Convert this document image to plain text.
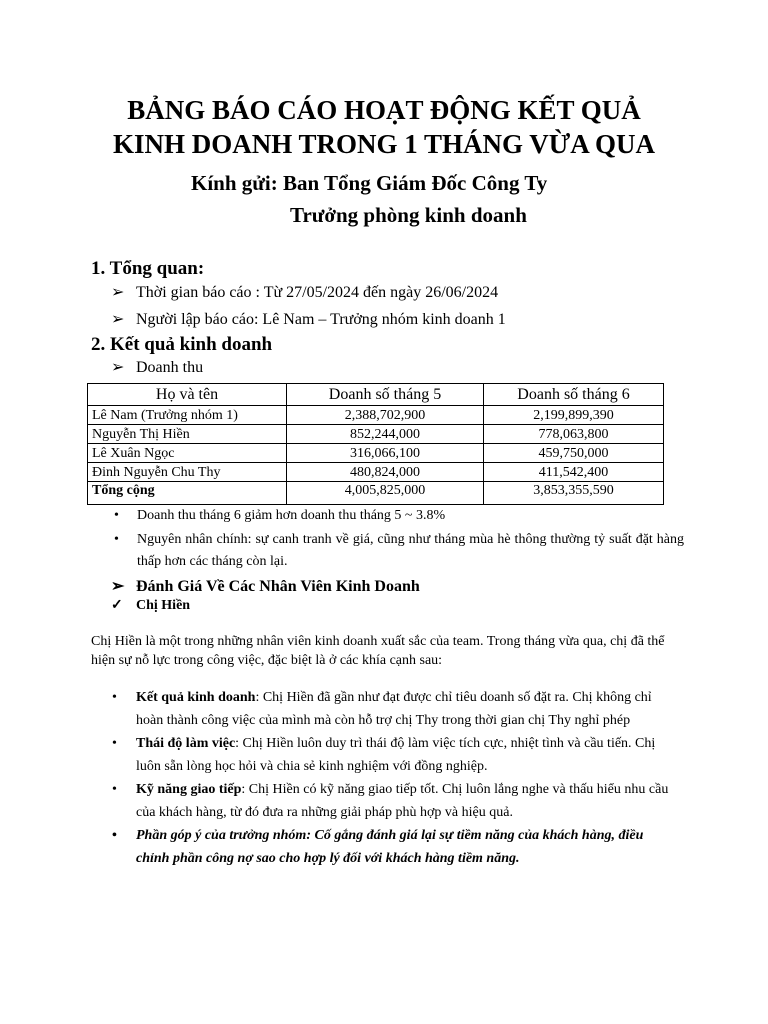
BẢNG BÁO CÁO HOẠT ĐỘNG KẾT QUẢ
KINH DOANH TRONG 1 THÁNG VỪA QUA
Kính gửi: Ban Tổng Giám Đốc Công Ty
Trưởng phòng kinh doanh
1. Tổng quan:
➢ Thời gian báo cáo : Từ 27/05/2024 đến ngày 26/06/2024
➢ Người lập báo cáo: Lê Nam – Trưởng nhóm kinh doanh 1
2. Kết quả kinh doanh
➢ Doanh thu
Họ và tên	Doanh số tháng 5	Doanh số tháng 6
Lê Nam (Trưởng nhóm 1)	2,388,702,900	2,199,899,390
Nguyễn Thị Hiền	852,244,000	778,063,800
Lê Xuân Ngọc	316,066,100	459,750,000
Đinh Nguyễn Chu Thy	480,824,000	411,542,400
Tổng cộng	4,005,825,000	3,853,355,590
• Doanh thu tháng 6 giảm hơn doanh thu tháng 5 ~ 3.8%
• Nguyên nhân chính: sự canh tranh về giá, cũng như tháng mùa hè thông thường tỷ suất đặt hàng thấp hơn các tháng còn lại.
➢ Đánh Giá Về Các Nhân Viên Kinh Doanh
✓ Chị Hiền

Chị Hiền là một trong những nhân viên kinh doanh xuất sắc của team. Trong tháng vừa qua, chị đã thể hiện sự nỗ lực trong công việc, đặc biệt là ở các khía cạnh sau:

• Kết quả kinh doanh: Chị Hiền đã gần như đạt được chỉ tiêu doanh số đặt ra. Chị không chỉ hoàn thành công việc của mình mà còn hỗ trợ chị Thy trong thời gian chị Thy nghỉ phép
• Thái độ làm việc: Chị Hiền luôn duy trì thái độ làm việc tích cực, nhiệt tình và cầu tiến. Chị luôn sẵn lòng học hỏi và chia sẻ kinh nghiệm với đồng nghiệp.
• Kỹ năng giao tiếp: Chị Hiền có kỹ năng giao tiếp tốt. Chị luôn lắng nghe và thấu hiểu nhu cầu của khách hàng, từ đó đưa ra những giải pháp phù hợp và hiệu quả.
• Phần góp ý của trưởng nhóm: Cố gắng đánh giá lại sự tiềm năng của khách hàng, điều chỉnh phần công nợ sao cho hợp lý đối với khách hàng tiềm năng.
